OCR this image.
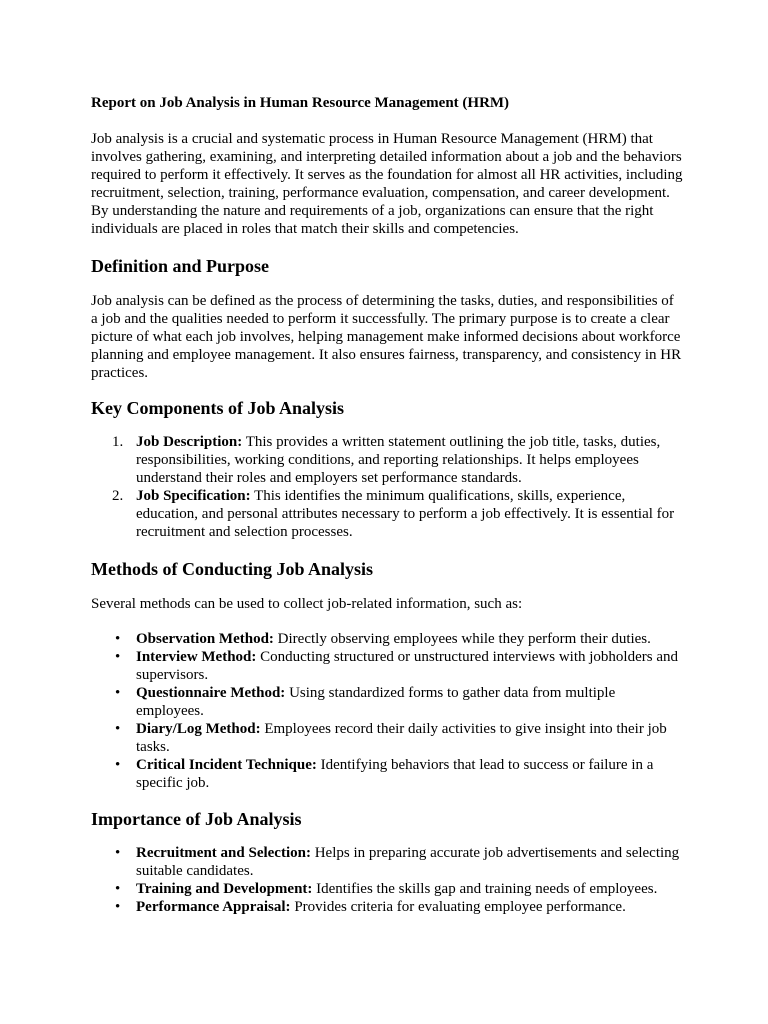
Report on Job Analysis in Human Resource Management (HRM)

Job analysis is a crucial and systematic process in Human Resource Management (HRM) that involves gathering, examining, and interpreting detailed information about a job and the behaviors required to perform it effectively. It serves as the foundation for almost all HR activities, including recruitment, selection, training, performance evaluation, compensation, and career development. By understanding the nature and requirements of a job, organizations can ensure that the right individuals are placed in roles that match their skills and competencies.

Definition and Purpose

Job analysis can be defined as the process of determining the tasks, duties, and responsibilities of a job and the qualities needed to perform it successfully. The primary purpose is to create a clear picture of what each job involves, helping management make informed decisions about workforce planning and employee management. It also ensures fairness, transparency, and consistency in HR practices.

Key Components of Job Analysis
1. Job Description: This provides a written statement outlining the job title, tasks, duties, responsibilities, working conditions, and reporting relationships. It helps employees understand their roles and employers set performance standards.
2. Job Specification: This identifies the minimum qualifications, skills, experience, education, and personal attributes necessary to perform a job effectively. It is essential for recruitment and selection processes.
Methods of Conducting Job Analysis

Several methods can be used to collect job-related information, such as:

• Observation Method: Directly observing employees while they perform their duties.
• Interview Method: Conducting structured or unstructured interviews with jobholders and supervisors.
• Questionnaire Method: Using standardized forms to gather data from multiple employees.
• Diary/Log Method: Employees record their daily activities to give insight into their job tasks.
• Critical Incident Technique: Identifying behaviors that lead to success or failure in a specific job.
Importance of Job Analysis
• Recruitment and Selection: Helps in preparing accurate job advertisements and selecting suitable candidates.
• Training and Development: Identifies the skills gap and training needs of employees.
• Performance Appraisal: Provides criteria for evaluating employee performance.
